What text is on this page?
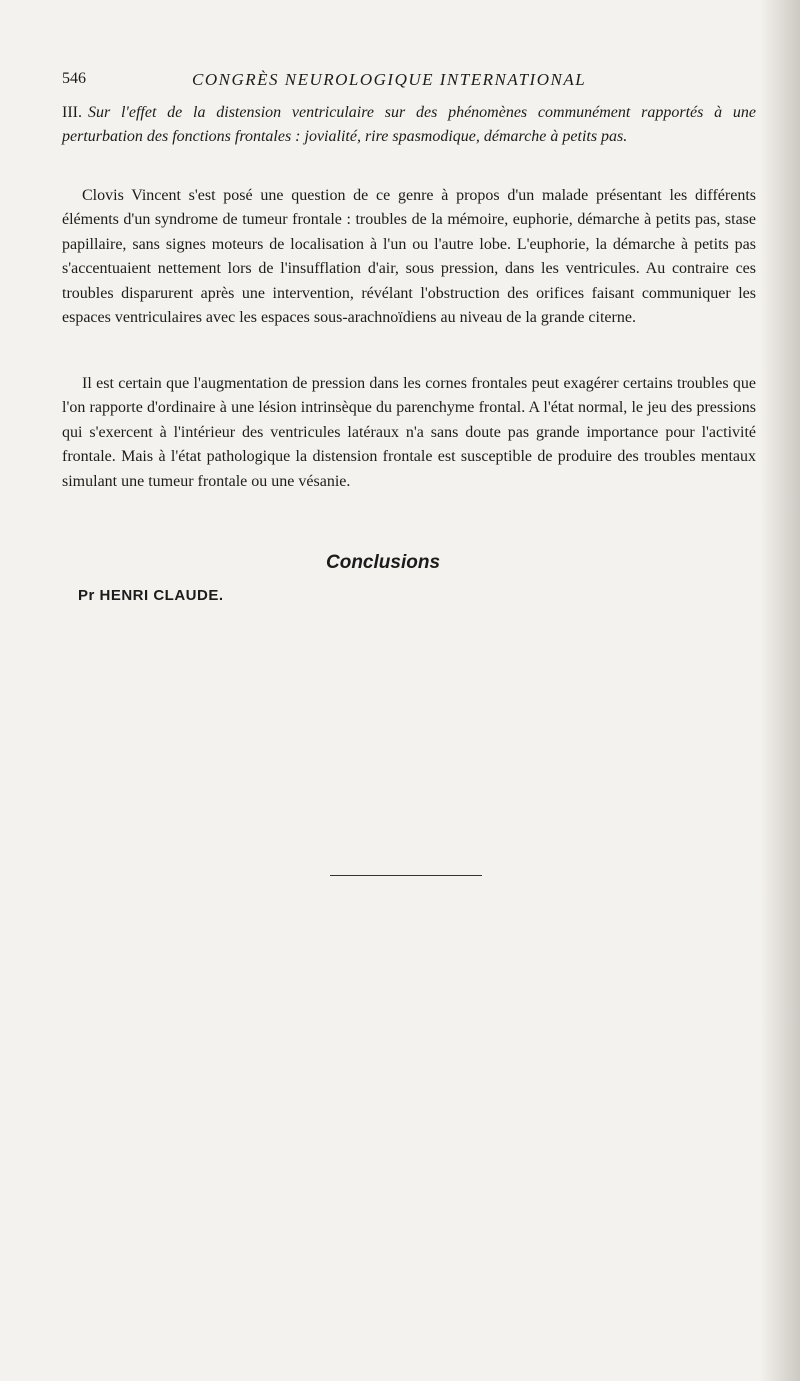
546	CONGRÈS NEUROLOGIQUE INTERNATIONAL
III. Sur l'effet de la distension ventriculaire sur des phénomènes communément rapportés à une perturbation des fonctions frontales : jovialité, rire spasmodique, démarche à petits pas.

Clovis Vincent s'est posé une question de ce genre à propos d'un malade présentant les différents éléments d'un syndrome de tumeur frontale : troubles de la mémoire, euphorie, démarche à petits pas, stase papillaire, sans signes moteurs de localisation à l'un ou l'autre lobe. L'euphorie, la démarche à petits pas s'accentuaient nettement lors de l'insufflation d'air, sous pression, dans les ventricules. Au contraire ces troubles disparurent après une intervention, révélant l'obstruction des orifices faisant communiquer les espaces ventriculaires avec les espaces sous-arachnoïdiens au niveau de la grande citerne.

Il est certain que l'augmentation de pression dans les cornes frontales peut exagérer certains troubles que l'on rapporte d'ordinaire à une lésion intrinsèque du parenchyme frontal. A l'état normal, le jeu des pressions qui s'exercent à l'intérieur des ventricules latéraux n'a sans doute pas grande importance pour l'activité frontale. Mais à l'état pathologique la distension frontale est susceptible de produire des troubles mentaux simulant une tumeur frontale ou une vésanie.

Conclusions
Pr HENRI CLAUDE.
